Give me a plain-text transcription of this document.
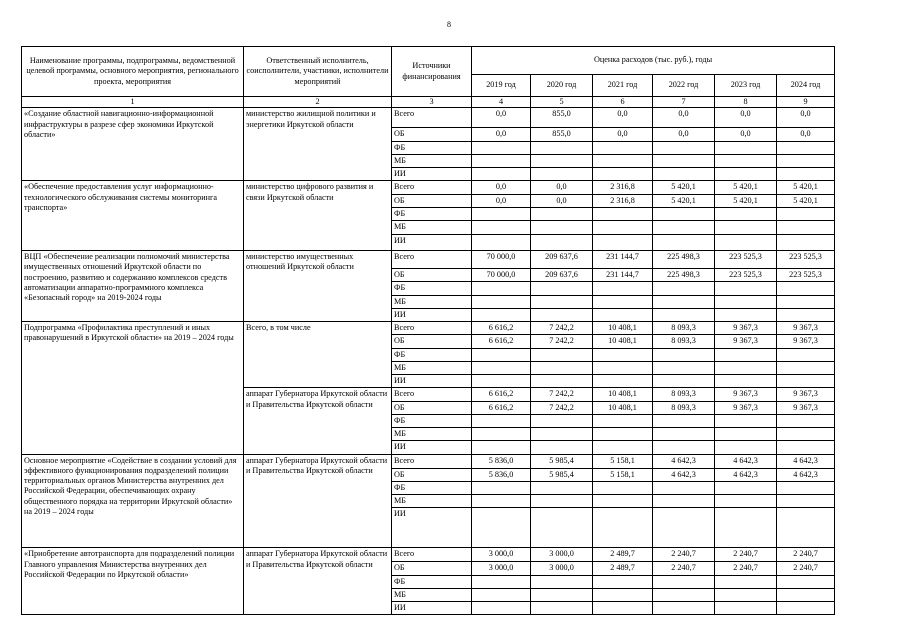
8
Наименование программы, подпрограммы, ведомственной целевой программы, основного мероприятия, регионального проекта, мероприятия	Ответственный исполнитель, соисполнители, участники, исполнители мероприятий	Источники финансирования	Оценка расходов (тыс. руб.), годы					
			2019 год	2020 год	2021 год	2022 год	2023 год	2024 год
1	2	3	4	5	6	7	8	9
«Создание областной навигационно-информационной инфраструктуры в разрезе сфер экономики Иркутской области»	министерство жилищной политики и энергетики Иркутской области	Всего	0,0	855,0	0,0	0,0	0,0	0,0
		ОБ	0,0	855,0	0,0	0,0	0,0	0,0
		ФБ						
		МБ						
		ИИ						
«Обеспечение предоставления услуг информационно-технологического обслуживания системы мониторинга транспорта»	министерство цифрового развития и связи Иркутской области	Всего	0,0	0,0	2 316,8	5 420,1	5 420,1	5 420,1
		ОБ	0,0	0,0	2 316,8	5 420,1	5 420,1	5 420,1
		ФБ						
		МБ						
		ИИ						
ВЦП «Обеспечение реализации полномочий министерства имущественных отношений Иркутской области по построению, развитию и содержанию комплексов средств автоматизации аппаратно-программного комплекса «Безопасный город» на 2019-2024 годы	министерство имущественных отношений Иркутской области	Всего	70 000,0	209 637,6	231 144,7	225 498,3	223 525,3	223 525,3
		ОБ	70 000,0	209 637,6	231 144,7	225 498,3	223 525,3	223 525,3
		ФБ						
		МБ						
		ИИ						
Подпрограмма «Профилактика преступлений и иных правонарушений в Иркутской области» на 2019 – 2024 годы	Всего, в том числе	Всего	6 616,2	7 242,2	10 408,1	8 093,3	9 367,3	9 367,3
		ОБ	6 616,2	7 242,2	10 408,1	8 093,3	9 367,3	9 367,3
		ФБ						
		МБ						
		ИИ						
	аппарат Губернатора Иркутской области и Правительства Иркутской области	Всего	6 616,2	7 242,2	10 408,1	8 093,3	9 367,3	9 367,3
		ОБ	6 616,2	7 242,2	10 408,1	8 093,3	9 367,3	9 367,3
		ФБ						
		МБ						
		ИИ						
Основное мероприятие «Содействие в создании условий для эффективного функционирования подразделений полиции территориальных органов Министерства внутренних дел Российской Федерации, обеспечивающих охрану общественного порядка на территории Иркутской области» на 2019 – 2024 годы	аппарат Губернатора Иркутской области и Правительства Иркутской области	Всего	5 836,0	5 985,4	5 158,1	4 642,3	4 642,3	4 642,3
		ОБ	5 836,0	5 985,4	5 158,1	4 642,3	4 642,3	4 642,3
		ФБ						
		МБ						
		ИИ						
«Приобретение автотранспорта для подразделений полиции Главного управления Министерства внутренних дел Российской Федерации по Иркутской области»	аппарат Губернатора Иркутской области и Правительства Иркутской области	Всего	3 000,0	3 000,0	2 489,7	2 240,7	2 240,7	2 240,7
		ОБ	3 000,0	3 000,0	2 489,7	2 240,7	2 240,7	2 240,7
		ФБ						
		МБ						
		ИИ						
